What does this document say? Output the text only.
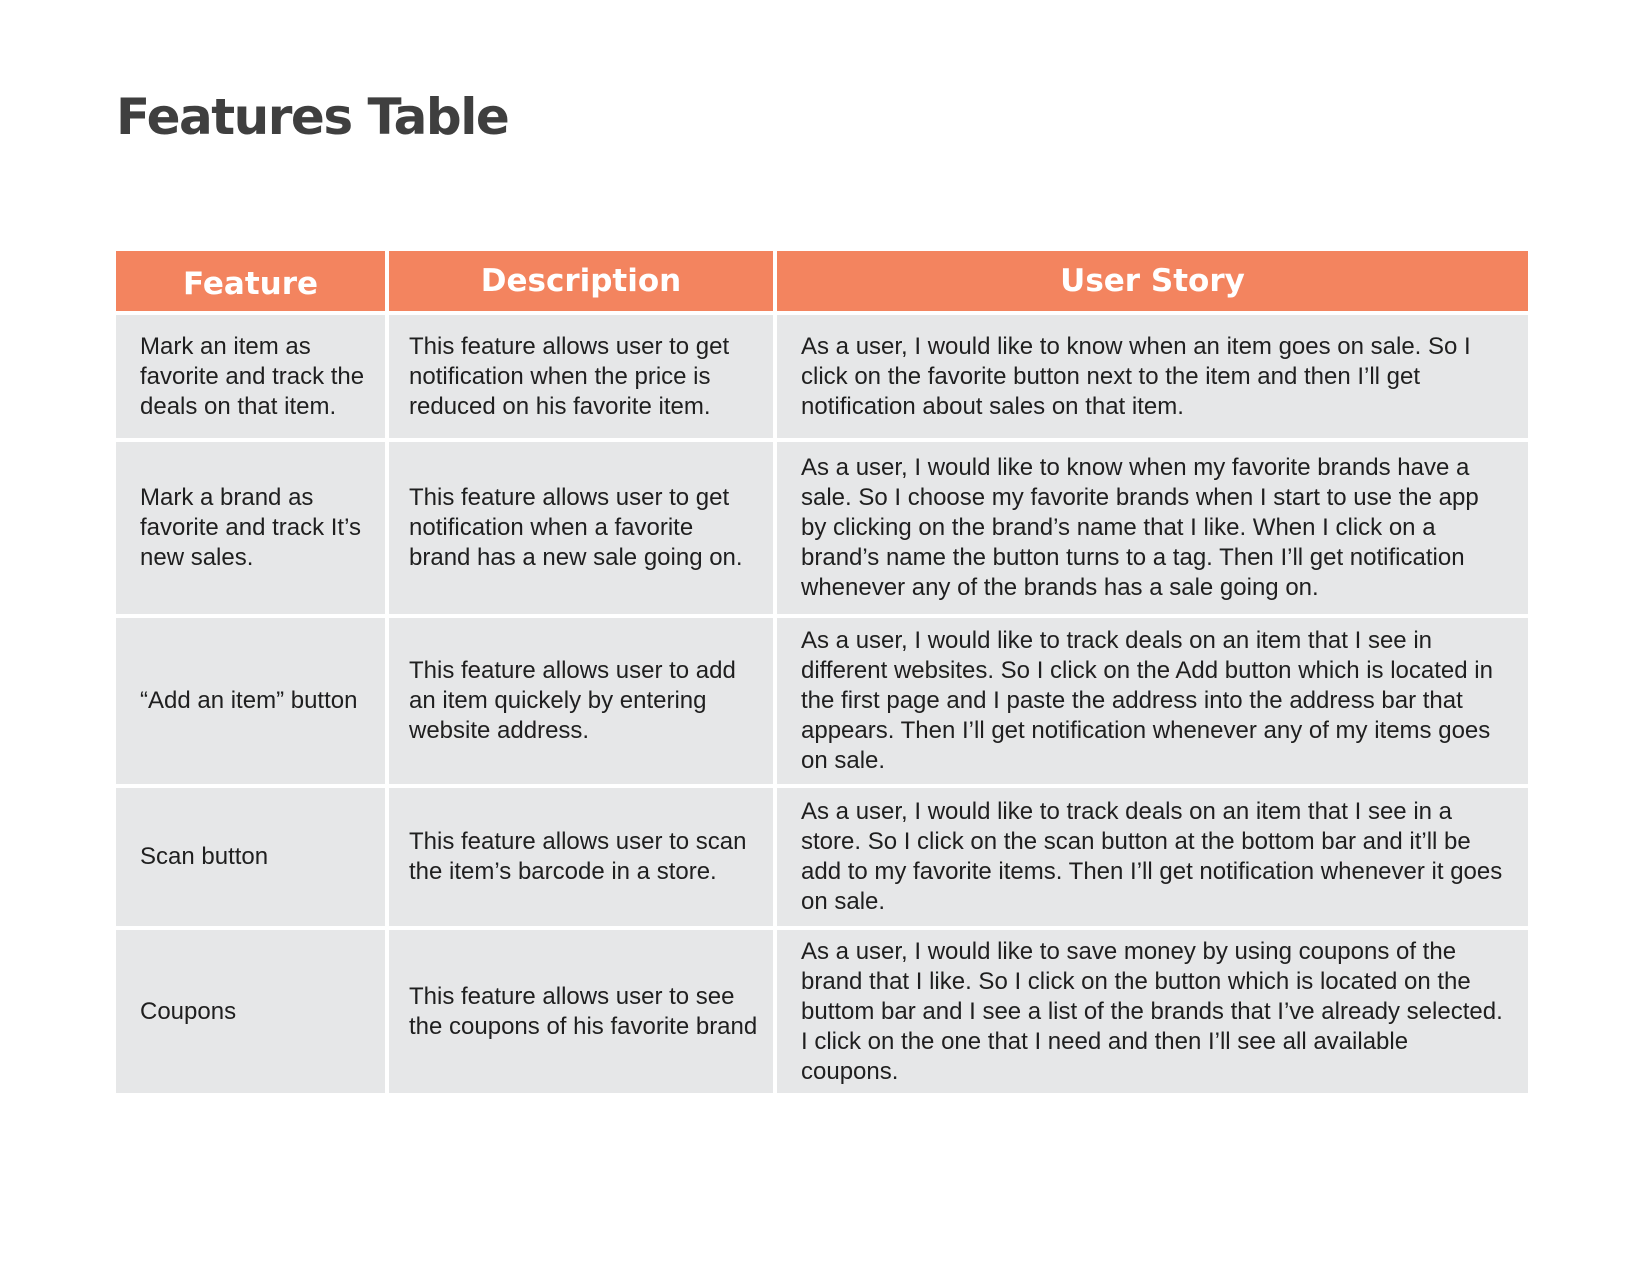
Features Table
Feature	Description	User Story
Mark an item as favorite and track the deals on that item.	This feature allows user to get notification when the price is reduced on his favorite item.	As a user, I would like to know when an item goes on sale. So I click on the favorite button next to the item and then I’ll get notification about sales on that item.
Mark a brand as favorite and track It’s new sales.	This feature allows user to get notification when a favorite brand has a new sale going on.	As a user, I would like to know when my favorite brands have a sale. So I choose my favorite brands when I start to use the app by clicking on the brand’s name that I like. When I click on a brand’s name the button turns to a tag. Then I’ll get notification whenever any of the brands has a sale going on.
“Add an item” button	This feature allows user to add an item quickely by entering website address.	As a user, I would like to track deals on an item that I see in different websites. So I click on the Add button which is located in the first page and I paste the address into the address bar that appears. Then I’ll get notification whenever any of my items goes on sale.
Scan button	This feature allows user to scan the item’s barcode in a store.	As a user, I would like to track deals on an item that I see in a store. So I click on the scan button at the bottom bar and it’ll be add to my favorite items. Then I’ll get notification whenever it goes on sale.
Coupons	This feature allows user to see the coupons of his favorite brand	As a user, I would like to save money by using coupons of the brand that I like. So I click on the button which is located on the buttom bar and I see a list of the brands that I’ve already selected. I click on the one that I need and then I’ll see all available coupons.
